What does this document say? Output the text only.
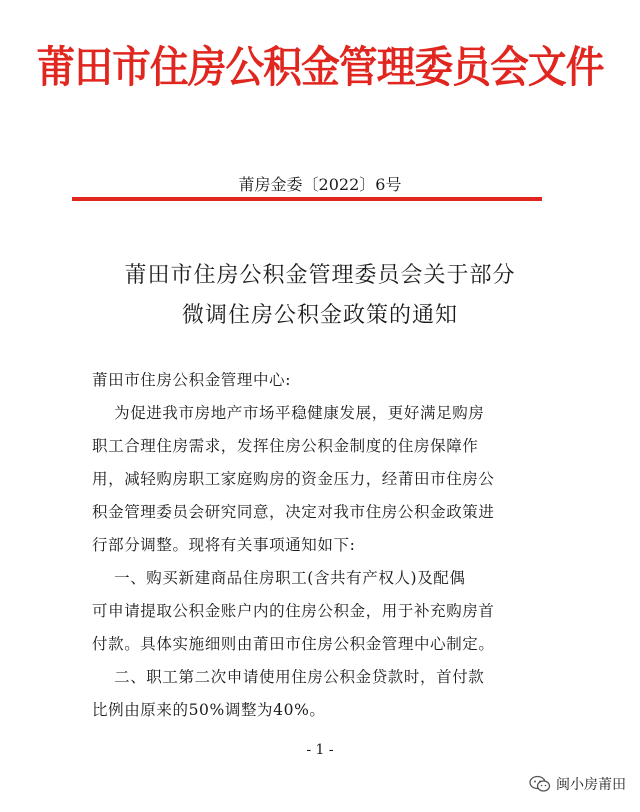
莆田市住房公积金管理委员会文件
莆房金委〔2022〕6号
莆田市住房公积金管理委员会关于部分
微调住房公积金政策的通知
莆田市住房公积金管理中心:
为促进我市房地产市场平稳健康发展，更好满足购房
职工合理住房需求，发挥住房公积金制度的住房保障作
用，减轻购房职工家庭购房的资金压力，经莆田市住房公
积金管理委员会研究同意，决定对我市住房公积金政策进
行部分调整。现将有关事项通知如下:
一、购买新建商品住房职工(含共有产权人)及配偶
可申请提取公积金账户内的住房公积金，用于补充购房首
付款。具体实施细则由莆田市住房公积金管理中心制定。
二、职工第二次申请使用住房公积金贷款时，首付款
比例由原来的50%调整为40%。
- 1 -
闽小房莆田
